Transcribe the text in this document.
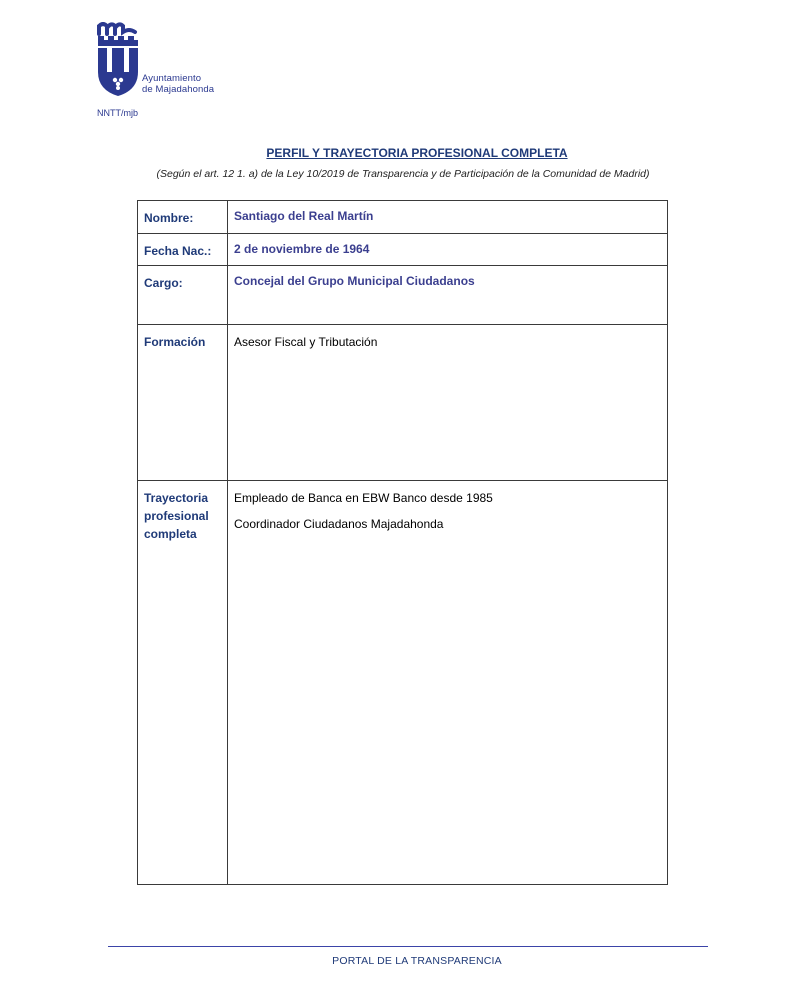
Ayuntamiento
de Majadahonda
NNTT/mjb
PERFIL Y TRAYECTORIA PROFESIONAL COMPLETA
(Según el art. 12 1. a) de la Ley 10/2019 de Transparencia y de Participación de la Comunidad de Madrid)
Nombre:	Santiago del Real Martín
Fecha Nac.:	2 de noviembre de 1964
Cargo:	Concejal del Grupo Municipal Ciudadanos
Formación	Asesor Fiscal y Tributación
Trayectoria profesional completa	Empleado de Banca en EBW Banco desde 1985
Coordinador Ciudadanos Majadahonda
PORTAL DE LA TRANSPARENCIA
